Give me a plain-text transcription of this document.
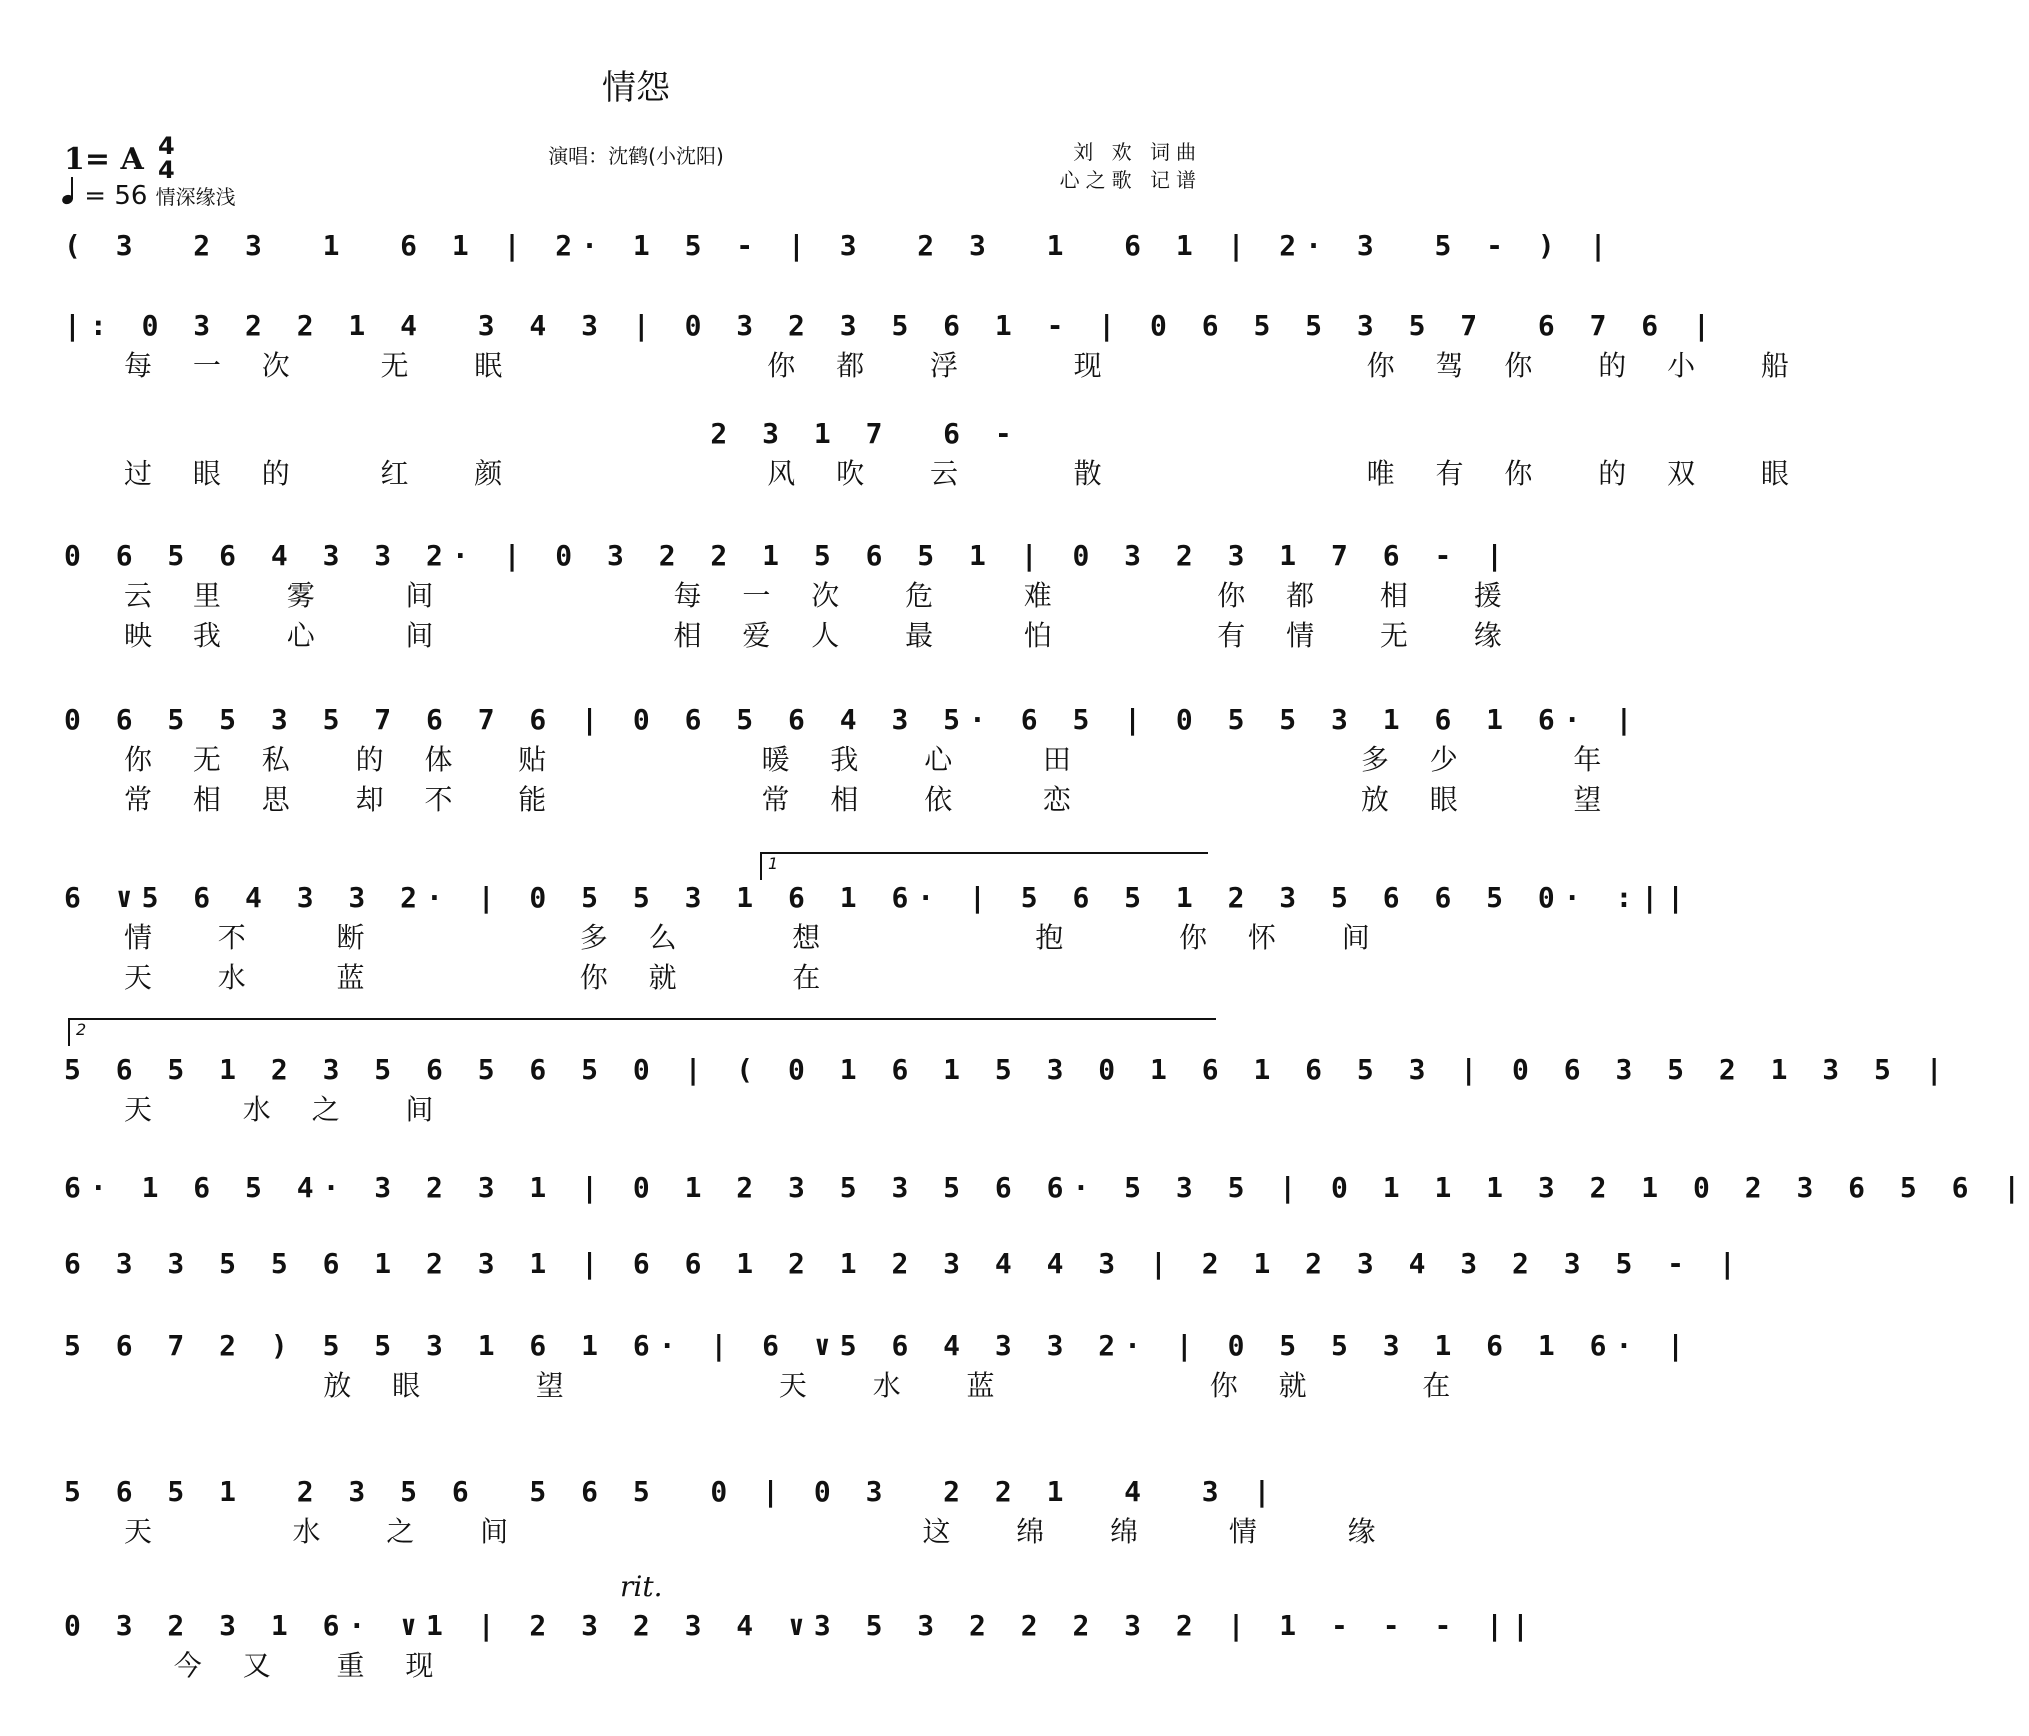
情怨
1= A 4
4
= 56 情深缘浅
演唱：沈鹤(小沈阳)	刘 欢 词曲
心之歌 记谱
( 3  2 3  1  6 1 | 2· 1 5 - | 3  2 3  1  6 1 | 2· 3  5 - ) |
|: 0 3 2 2 1 4  3 4 3 | 0 3 2 3 5 6 1 - | 0 6 5 5 3 5 7  6 7 6 |
每 一 次   无  眠          你 都  浮    现          你 驾 你  的 小  船
2 3 1 7  6 -
过 眼 的   红  颜          风 吹  云    散          唯 有 你  的 双  眼
0 6 5 6 4 3 3 2· | 0 3 2 2 1 5 6 5 1 | 0 3 2 3 1 7 6 - |
云 里  雾   间         每 一 次  危   难      你 都  相  援
映 我  心   间         相 爱 人  最   怕      有 情  无  缘
0 6 5 5 3 5 7 6 7 6 | 0 6 5 6 4 3 5· 6 5 | 0 5 5 3 1 6 1 6· |
你 无 私  的 体  贴        暖 我  心   田           多 少    年
常 相 思  却 不  能        常 相  依   恋           放 眼    望
6 ∨5 6 4 3 3 2· | 0 5 5 3 1 6 1 6· | 5 6 5 1 2 3 5 6 6 5 0· :||
情  不   断        多 么    想        抱    你 怀  间
天  水   蓝        你 就    在
5 6 5 1 2 3 5 6 5 6 5 0 | ( 0 1 6 1 5 3 0 1 6 1 6 5 3 | 0 6 3 5 2 1 3 5 |
天   水 之  间
6· 1 6 5 4· 3 2 3 1 | 0 1 2 3 5 3 5 6 6· 5 3 5 | 0 1 1 1 3 2 1 0 2 3 6 5 6 |
6 3 3 5 5 6 1 2 3 1 | 6 6 1 2 1 2 3 4 4 3 | 2 1 2 3 4 3 2 3 5 - |
5 6 7 2 ) 5 5 3 1 6 1 6· | 6 ∨5 6 4 3 3 2· | 0 5 5 3 1 6 1 6· |
放 眼    望        天  水  蓝        你 就    在
5 6 5 1  2 3 5 6  5 6 5  0 | 0 3  2 2 1  4  3 |
天     水  之  间                这  绵  绵   情   缘
0 3 2 3 1 6· ∨1 | 2 3 2 3 4 ∨3 5 3 2 2 2 3 2 | 1 - - - ||
今 又  重 现
1
2
rit.
